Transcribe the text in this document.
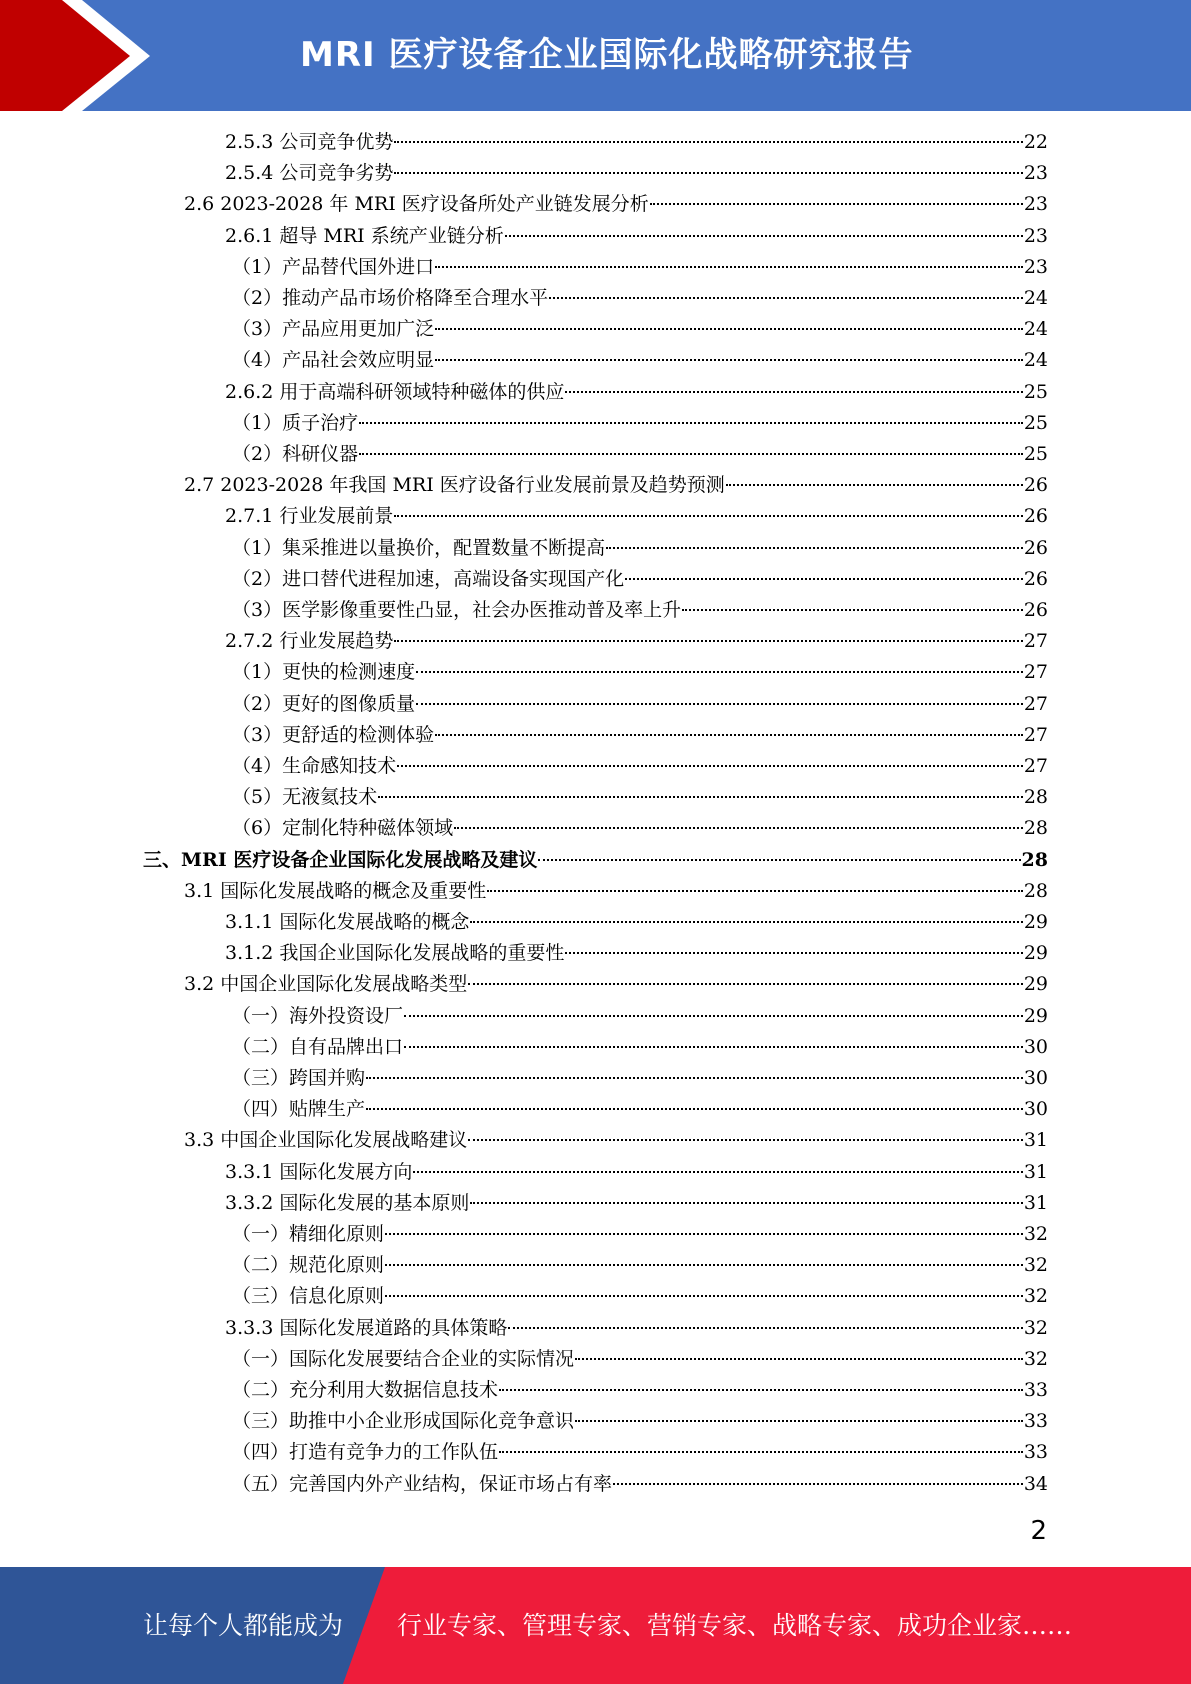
MRI 医疗设备企业国际化战略研究报告
2.5.3 公司竞争优势	22
2.5.4 公司竞争劣势	23
2.6 2023-2028 年 MRI 医疗设备所处产业链发展分析	23
2.6.1 超导 MRI 系统产业链分析	23
（1）产品替代国外进口	23
（2）推动产品市场价格降至合理水平	24
（3）产品应用更加广泛	24
（4）产品社会效应明显	24
2.6.2 用于高端科研领域特种磁体的供应	25
（1）质子治疗	25
（2）科研仪器	25
2.7 2023-2028 年我国 MRI 医疗设备行业发展前景及趋势预测	26
2.7.1 行业发展前景	26
（1）集采推进以量换价，配置数量不断提高	26
（2）进口替代进程加速，高端设备实现国产化	26
（3）医学影像重要性凸显，社会办医推动普及率上升	26
2.7.2 行业发展趋势	27
（1）更快的检测速度	27
（2）更好的图像质量	27
（3）更舒适的检测体验	27
（4）生命感知技术	27
（5）无液氦技术	28
（6）定制化特种磁体领域	28
三、MRI 医疗设备企业国际化发展战略及建议	28
3.1 国际化发展战略的概念及重要性	28
3.1.1 国际化发展战略的概念	29
3.1.2 我国企业国际化发展战略的重要性	29
3.2 中国企业国际化发展战略类型	29
（一）海外投资设厂	29
（二）自有品牌出口	30
（三）跨国并购	30
（四）贴牌生产	30
3.3 中国企业国际化发展战略建议	31
3.3.1 国际化发展方向	31
3.3.2 国际化发展的基本原则	31
（一）精细化原则	32
（二）规范化原则	32
（三）信息化原则	32
3.3.3 国际化发展道路的具体策略	32
（一）国际化发展要结合企业的实际情况	32
（二）充分利用大数据信息技术	33
（三）助推中小企业形成国际化竞争意识	33
（四）打造有竞争力的工作队伍	33
（五）完善国内外产业结构，保证市场占有率	34
2
让每个人都能成为 行业专家、管理专家、营销专家、战略专家、成功企业家……
